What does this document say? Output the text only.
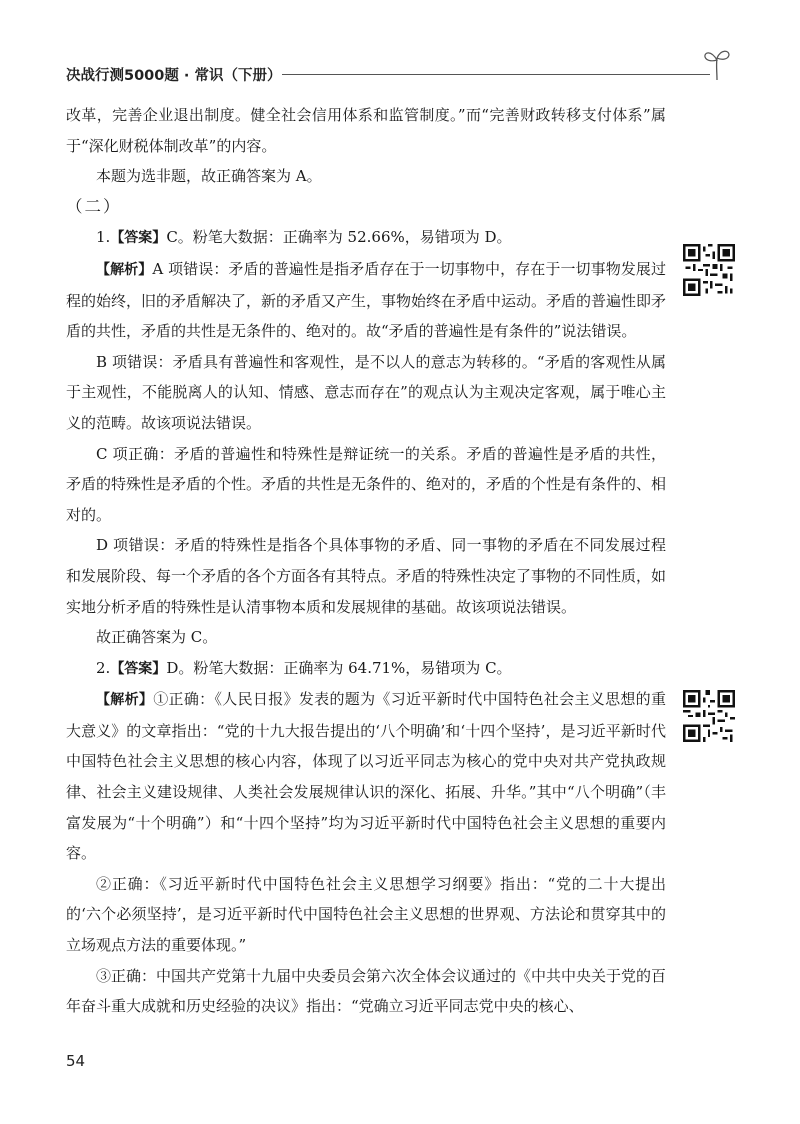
决战行测5000题 · 常识（下册）

改革，完善企业退出制度。健全社会信用体系和监管制度。”而“完善财政转移支付体系”属于“深化财税体制改革”的内容。

本题为选非题，故正确答案为 A。

（二）

1.【答案】C。粉笔大数据：正确率为 52.66%，易错项为 D。

【解析】A 项错误：矛盾的普遍性是指矛盾存在于一切事物中，存在于一切事物发展过程的始终，旧的矛盾解决了，新的矛盾又产生，事物始终在矛盾中运动。矛盾的普遍性即矛盾的共性，矛盾的共性是无条件的、绝对的。故“矛盾的普遍性是有条件的”说法错误。

B 项错误：矛盾具有普遍性和客观性，是不以人的意志为转移的。“矛盾的客观性从属于主观性，不能脱离人的认知、情感、意志而存在”的观点认为主观决定客观，属于唯心主义的范畴。故该项说法错误。

C 项正确：矛盾的普遍性和特殊性是辩证统一的关系。矛盾的普遍性是矛盾的共性，矛盾的特殊性是矛盾的个性。矛盾的共性是无条件的、绝对的，矛盾的个性是有条件的、相对的。

D 项错误：矛盾的特殊性是指各个具体事物的矛盾、同一事物的矛盾在不同发展过程和发展阶段、每一个矛盾的各个方面各有其特点。矛盾的特殊性决定了事物的不同性质，如实地分析矛盾的特殊性是认清事物本质和发展规律的基础。故该项说法错误。

故正确答案为 C。

2.【答案】D。粉笔大数据：正确率为 64.71%，易错项为 C。

【解析】①正确：《人民日报》发表的题为《习近平新时代中国特色社会主义思想的重大意义》的文章指出：“党的十九大报告提出的‘八个明确’和‘十四个坚持’，是习近平新时代中国特色社会主义思想的核心内容，体现了以习近平同志为核心的党中央对共产党执政规律、社会主义建设规律、人类社会发展规律认识的深化、拓展、升华。”其中“八个明确”（丰富发展为“十个明确”）和“十四个坚持”均为习近平新时代中国特色社会主义思想的重要内容。

②正确：《习近平新时代中国特色社会主义思想学习纲要》指出：“党的二十大提出的‘六个必须坚持’，是习近平新时代中国特色社会主义思想的世界观、方法论和贯穿其中的立场观点方法的重要体现。”

③正确：中国共产党第十九届中央委员会第六次全体会议通过的《中共中央关于党的百年奋斗重大成就和历史经验的决议》指出：“党确立习近平同志党中央的核心、

54
